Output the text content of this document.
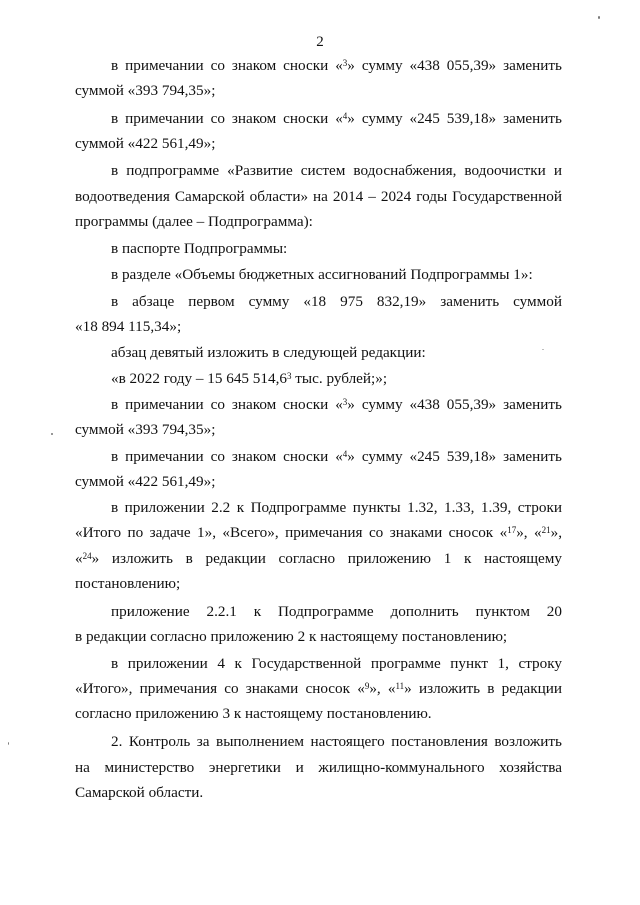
2
в примечании со знаком сноски «$^3$» сумму «438 055,39» заменить
суммой «393 794,35»;
в примечании со знаком сноски «$^4$» сумму «245 539,18» заменить
суммой «422 561,49»;
в подпрограмме «Развитие систем водоснабжения, водоочистки и
водоотведения Самарской области» на 2014 – 2024 годы Государственной
программы (далее – Подпрограмма):
в паспорте Подпрограммы:
в разделе «Объемы бюджетных ассигнований Подпрограммы 1»:
в абзаце первом сумму «18 975 832,19» заменить суммой
«18 894 115,34»;
абзац девятый изложить в следующей редакции:
«в 2022 году – 15 645 514,6$^3$ тыс. рублей;»;
в примечании со знаком сноски «$^3$» сумму «438 055,39» заменить
суммой «393 794,35»;
в примечании со знаком сноски «$^4$» сумму «245 539,18» заменить
суммой «422 561,49»;
в приложении 2.2 к Подпрограмме пункты 1.32, 1.33, 1.39, строки
«Итого по задаче 1», «Всего», примечания со знаками сносок «$^{17}$», «$^{21}$»,
«$^{24}$» изложить в редакции согласно приложению 1 к настоящему
постановлению;
приложение 2.2.1 к Подпрограмме дополнить пунктом 20
в редакции согласно приложению 2 к настоящему постановлению;
в приложении 4 к Государственной программе пункт 1, строку
«Итого», примечания со знаками сносок «$^9$», «$^{11}$» изложить в редакции
согласно приложению 3 к настоящему постановлению.
2. Контроль за выполнением настоящего постановления возложить
на министерство энергетики и жилищно-коммунального хозяйства
Самарской области.
